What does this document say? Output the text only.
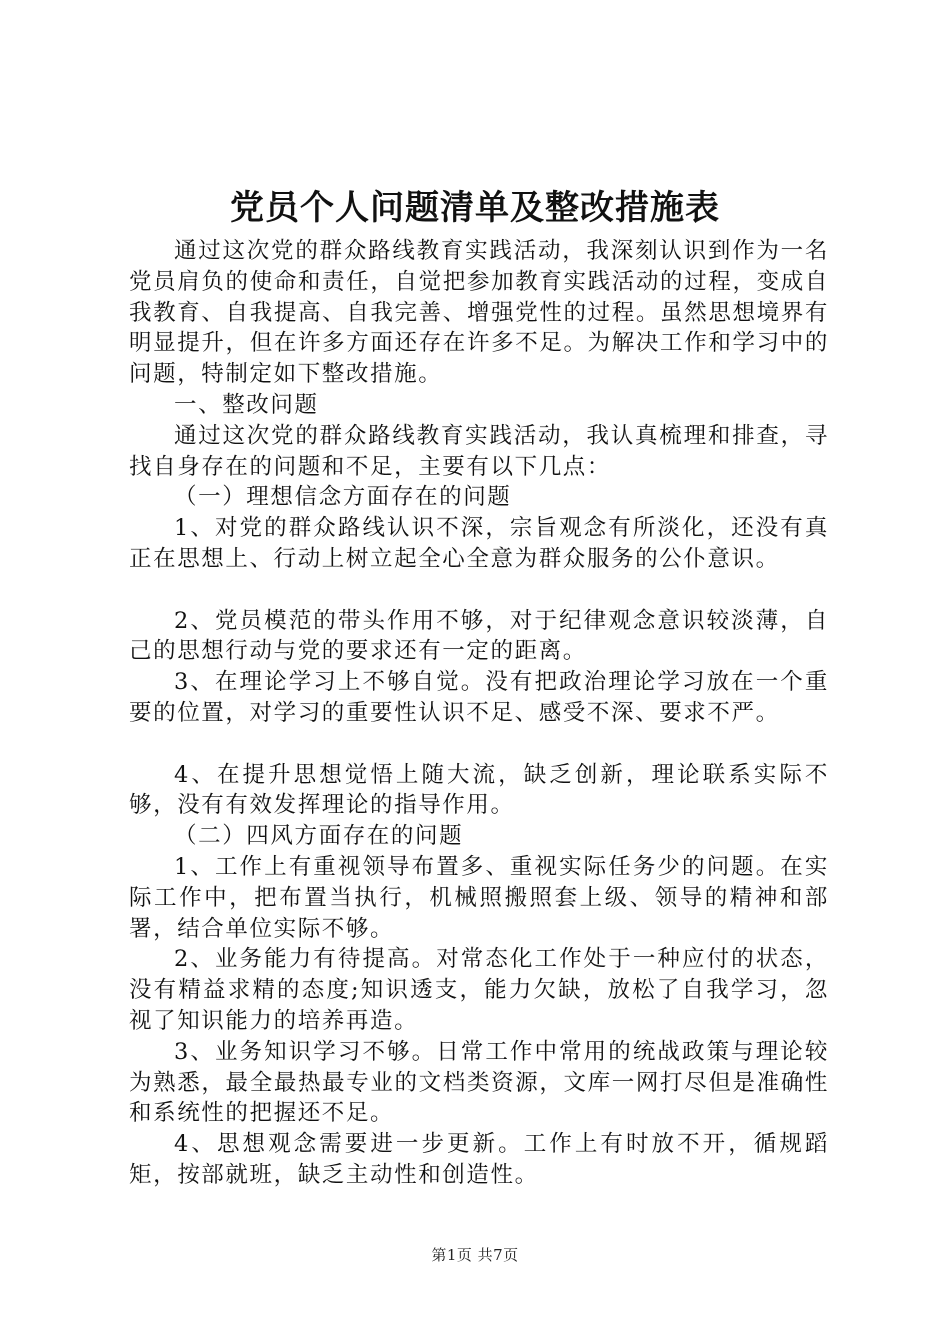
党员个人问题清单及整改措施表

通过这次党的群众路线教育实践活动，我深刻认识到作为一名党员肩负的使命和责任，自觉把参加教育实践活动的过程，变成自我教育、自我提高、自我完善、增强党性的过程。虽然思想境界有明显提升，但在许多方面还存在许多不足。为解决工作和学习中的问题，特制定如下整改措施。

一、整改问题

通过这次党的群众路线教育实践活动，我认真梳理和排查，寻找自身存在的问题和不足，主要有以下几点：

（一）理想信念方面存在的问题

1、对党的群众路线认识不深，宗旨观念有所淡化，还没有真正在思想上、行动上树立起全心全意为群众服务的公仆意识。

2、党员模范的带头作用不够，对于纪律观念意识较淡薄，自己的思想行动与党的要求还有一定的距离。

3、在理论学习上不够自觉。没有把政治理论学习放在一个重要的位置，对学习的重要性认识不足、感受不深、要求不严。

4、在提升思想觉悟上随大流，缺乏创新，理论联系实际不够，没有有效发挥理论的指导作用。

（二）四风方面存在的问题

1、工作上有重视领导布置多、重视实际任务少的问题。在实际工作中，把布置当执行，机械照搬照套上级、领导的精神和部署，结合单位实际不够。

2、业务能力有待提高。对常态化工作处于一种应付的状态，没有精益求精的态度;知识透支，能力欠缺，放松了自我学习，忽视了知识能力的培养再造。

3、业务知识学习不够。日常工作中常用的统战政策与理论较为熟悉，最全最热最专业的文档类资源，文库一网打尽但是准确性和系统性的把握还不足。

4、思想观念需要进一步更新。工作上有时放不开，循规蹈矩，按部就班，缺乏主动性和创造性。

第1页 共7页
